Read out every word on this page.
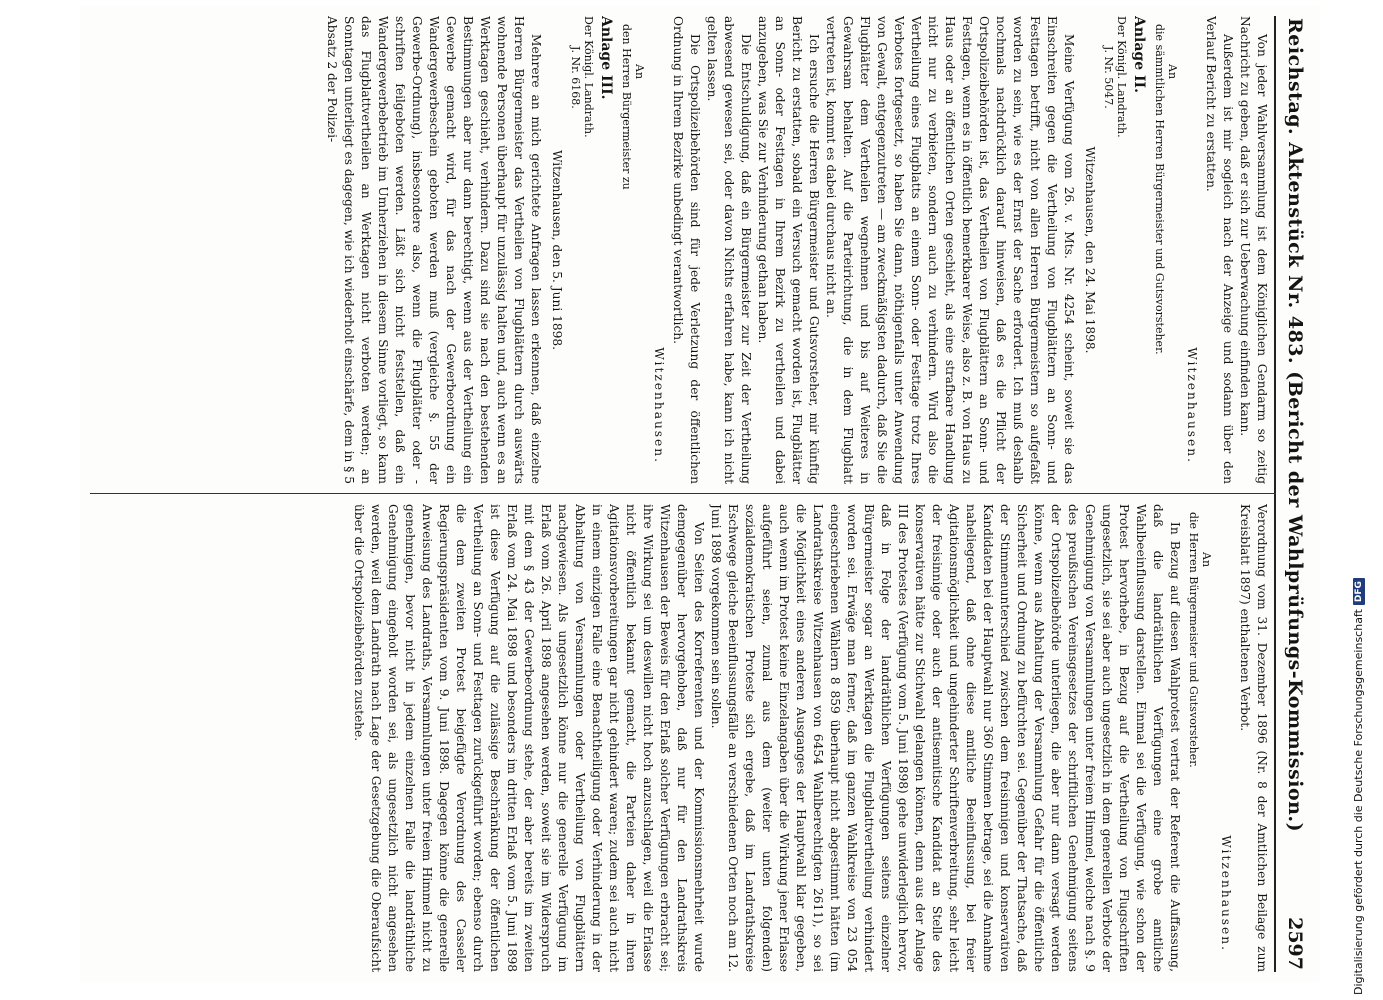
Reichstag. Aktenstück Nr. 483. (Bericht der Wahlprüfungs-Kommission.)
2597

Von jeder Wahlversammlung ist dem Königlichen Gendarm so zeitig Nachricht zu geben, daß er sich zur Ueberwachung einfinden kann.

Außerdem ist mir sogleich nach der Anzeige und sodann über den Verlauf Bericht zu erstatten.

Witzenhausen.

An
die sämmtlichen Herren Bürgermeister und Gutsvorsteher.

Anlage II.

Der Königl. Landrath.
J. Nr. 5047.

Witzenhausen, den 24. Mai 1898.

Meine Verfügung vom 26. v. Mts. Nr. 4254 scheint, soweit sie das Einschreiten gegen die Vertheilung von Flugblättern an Sonn- und Festtagen betrifft, nicht von allen Herren Bürgermeistern so aufgefaßt worden zu sein, wie es der Ernst der Sache erfordert. Ich muß deshalb nochmals nachdrücklich darauf hinweisen, daß es die Pflicht der Ortspolizeibehörden ist, das Vertheilen von Flugblättern an Sonn- und Festtagen, wenn es in öffentlich bemerkbarer Weise, also z. B. von Haus zu Haus oder an öffentlichen Orten geschieht, als eine strafbare Handlung nicht nur zu verbieten, sondern auch zu verhindern. Wird also die Vertheilung eines Flugblatts an einem Sonn- oder Festtage trotz Ihres Verbotes fortgesetzt, so haben Sie dann, nöthigenfalls unter Anwendung von Gewalt, entgegenzutreten — am zweckmäßigsten dadurch, daß Sie die Flugblätter dem Vertheilen wegnehmen und bis auf Weiteres in Gewahrsam behalten. Auf die Parteirichtung, die in dem Flugblatt vertreten ist, kommt es dabei durchaus nicht an.

Ich ersuche die Herren Bürgermeister und Gutsvorsteher, mir künftig Bericht zu erstatten, sobald ein Versuch gemacht worden ist, Flugblätter an Sonn- oder Festtagen in Ihrem Bezirk zu vertheilen und dabei anzugeben, was Sie zur Verhinderung gethan haben.

Die Entschuldigung, daß ein Bürgermeister zur Zeit der Vertheilung abwesend gewesen sei, oder davon Nichts erfahren habe, kann ich nicht gelten lassen.

Die Ortspolizeibehörden sind für jede Verletzung der öffentlichen Ordnung in Ihrem Bezirke unbedingt verantwortlich.

Witzenhausen.

An
den Herren Bürgermeister zu

Anlage III.

Der Königl. Landrath.
J. Nr. 6168.

Witzenhausen, den 5. Juni 1898.

Mehrere an mich gerichtete Anfragen lassen erkennen, daß einzelne Herren Bürgermeister das Vertheilen von Flugblättern durch auswärts wohnende Personen überhaupt für unzulässig halten und, auch wenn es an Werktagen geschieht, verhindern. Dazu sind sie nach den bestehenden Bestimmungen aber nur dann berechtigt, wenn aus der Vertheilung ein Gewerbe gemacht wird, für das nach der Gewerbeordnung ein Wandergewerbeschein geboten werden muß (vergleiche §. 55 der Gewerbe-Ordnung), insbesondere also, wenn die Flugblätter oder -schriften feilgeboten werden. Läßt sich nicht feststellen, daß ein Wandergewerbebetrieb im Umherziehen in diesem Sinne vorliegt, so kann das Flugblattvertheilen an Werktagen nicht verboten werden; an Sonntagen unterliegt es dagegen, wie ich wiederholt einschärfe, dem in § 5 Absatz 2 der Polizei-

Verordnung vom 31. Dezember 1896 (Nr. 8 der Amtlichen Beilage zum Kreisblatt 1897) enthaltenen Verbot.

Witzenhausen.

An
die Herren Bürgermeister und Gutsvorsteher.

In Bezug auf diesen Wahlprotest vertrat der Referent die Auffassung, daß die landräthlichen Verfügungen eine grobe amtliche Wahlbeeinflussung darstellen. Einmal sei die Verfügung, wie schon der Protest hervorhebe, in Bezug auf die Vertheilung von Flugschriften ungesetzlich, sie sei aber auch ungesetzlich in dem generellen Verbote der Genehmigung von Versammlungen unter freiem Himmel, welche nach §. 9 des preußischen Vereinsgesetzes der schriftlichen Genehmigung seitens der Ortspolizeibehörde unterliegen, die aber nur dann versagt werden könne, wenn aus Abhaltung der Versammlung Gefahr für die öffentliche Sicherheit und Ordnung zu befürchten sei. Gegenüber der Thatsache, daß der Stimmenunterschied zwischen dem freisinnigen und konservativen Kandidaten bei der Hauptwahl nur 360 Stimmen betrage, sei die Annahme naheliegend, daß ohne diese amtliche Beeinflussung, bei freier Agitationsmöglichkeit und ungehinderter Schriftenverbreitung, sehr leicht der freisinnige oder auch der antisemitische Kandidat an Stelle des konservativen hätte zur Stichwahl gelangen können, denn aus der Anlage III des Protestes (Verfügung vom 5. Juni 1898) gehe unwiderleglich hervor, daß in Folge der landräthlichen Verfügungen seitens einzelner Bürgermeister sogar an Werktagen die Flugblattvertheilung verhindert worden sei. Erwäge man ferner, daß im ganzen Wahlkreise von 23 054 eingeschriebenen Wählern 8 859 überhaupt nicht abgestimmt hätten (im Landrathskreise Witzenhausen von 6454 Wahlberechtigten 2611), so sei die Möglichkeit eines anderen Ausganges der Hauptwahl klar gegeben, auch wenn im Protest keine Einzelangaben über die Wirkung jener Erlasse aufgeführt seien, zumal aus dem (weiter unten folgenden) sozialdemokratischen Proteste sich ergebe, daß im Landrathskreise Eschwege gleiche Beeinflussungsfälle an verschiedenen Orten noch am 12. Juni 1898 vorgekommen sein sollen.

Von Seiten des Korreferenten und der Kommissionsmehrheit wurde demgegenüber hervorgehoben, daß nur für den Landrathskreis Witzenhausen der Beweis für den Erlaß solcher Verfügungen erbracht sei; ihre Wirkung sei um deswillen nicht hoch anzuschlagen, weil die Erlasse nicht öffentlich bekannt gemacht, die Parteien daher in ihren Agitationsvorbereitungen gar nicht gehindert waren; zudem sei auch nicht in einem einzigen Falle eine Benachtheiligung oder Verhinderung in der Abhaltung von Versammlungen oder Vertheilung von Flugblättern nachgewiesen. Als ungesetzlich könne nur die generelle Verfügung im Erlaß vom 26. April 1898 angesehen werden, soweit sie im Widerspruch mit dem § 43 der Gewerbeordnung stehe, der aber bereits im zweiten Erlaß vom 24. Mai 1898 und besonders im dritten Erlaß vom 5. Juni 1898 ist diese Verfügung auf die zulässige Beschränkung der öffentlichen Vertheilung an Sonn- und Festtagen zurückgeführt worden; ebenso durch die dem zweiten Protest beigefügte Verordnung des Casseler Regierungspräsidenten vom 9. Juni 1898. Dagegen könne die generelle Anweisung des Landraths, Versammlungen unter freiem Himmel nicht zu genehmigen, bevor nicht in jedem einzelnen Falle die landräthliche Genehmigung eingeholt worden sei, als ungesetzlich nicht angesehen werden, weil dem Landrath nach Lage der Gesetzgebung die Oberaufsicht über die Ortspolizeibehörden zustehe.	Digitalisierung gefördert durch die Deutsche Forschungsgemeinschaft
DFG
